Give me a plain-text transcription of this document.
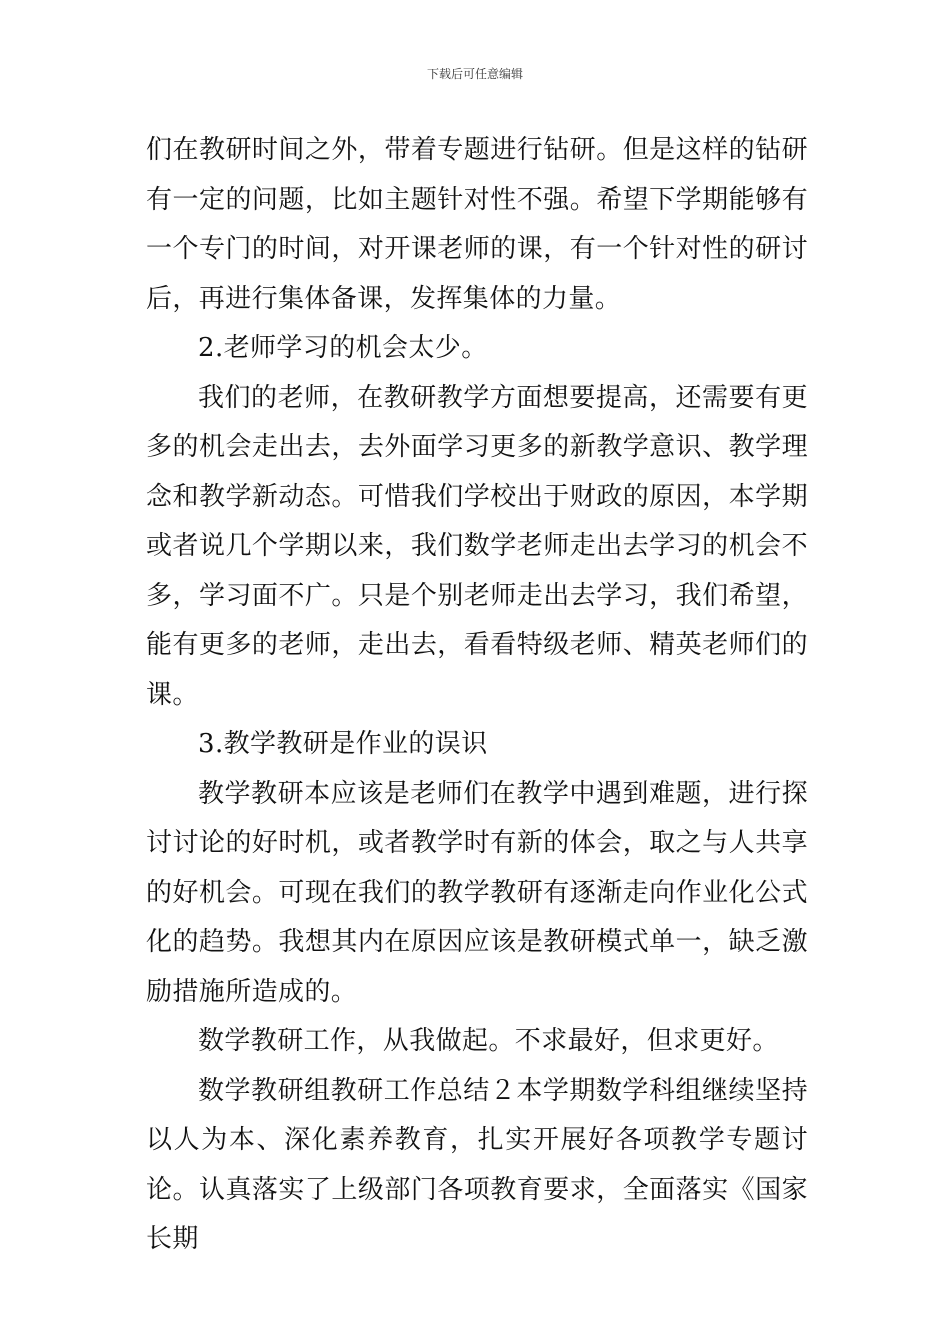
下载后可任意编辑

们在教研时间之外，带着专题进行钻研。但是这样的钻研有一定的问题，比如主题针对性不强。希望下学期能够有一个专门的时间，对开课老师的课，有一个针对性的研讨后，再进行集体备课，发挥集体的力量。

2.老师学习的机会太少。

我们的老师，在教研教学方面想要提高，还需要有更多的机会走出去，去外面学习更多的新教学意识、教学理念和教学新动态。可惜我们学校出于财政的原因，本学期或者说几个学期以来，我们数学老师走出去学习的机会不多，学习面不广。只是个别老师走出去学习，我们希望，能有更多的老师，走出去，看看特级老师、精英老师们的课。

3.教学教研是作业的误识

教学教研本应该是老师们在教学中遇到难题，进行探讨讨论的好时机，或者教学时有新的体会，取之与人共享的好机会。可现在我们的教学教研有逐渐走向作业化公式化的趋势。我想其内在原因应该是教研模式单一，缺乏激励措施所造成的。

数学教研工作，从我做起。不求最好，但求更好。

数学教研组教研工作总结２本学期数学科组继续坚持以人为本、深化素养教育，扎实开展好各项教学专题讨论。认真落实了上级部门各项教育要求，全面落实《国家长期
